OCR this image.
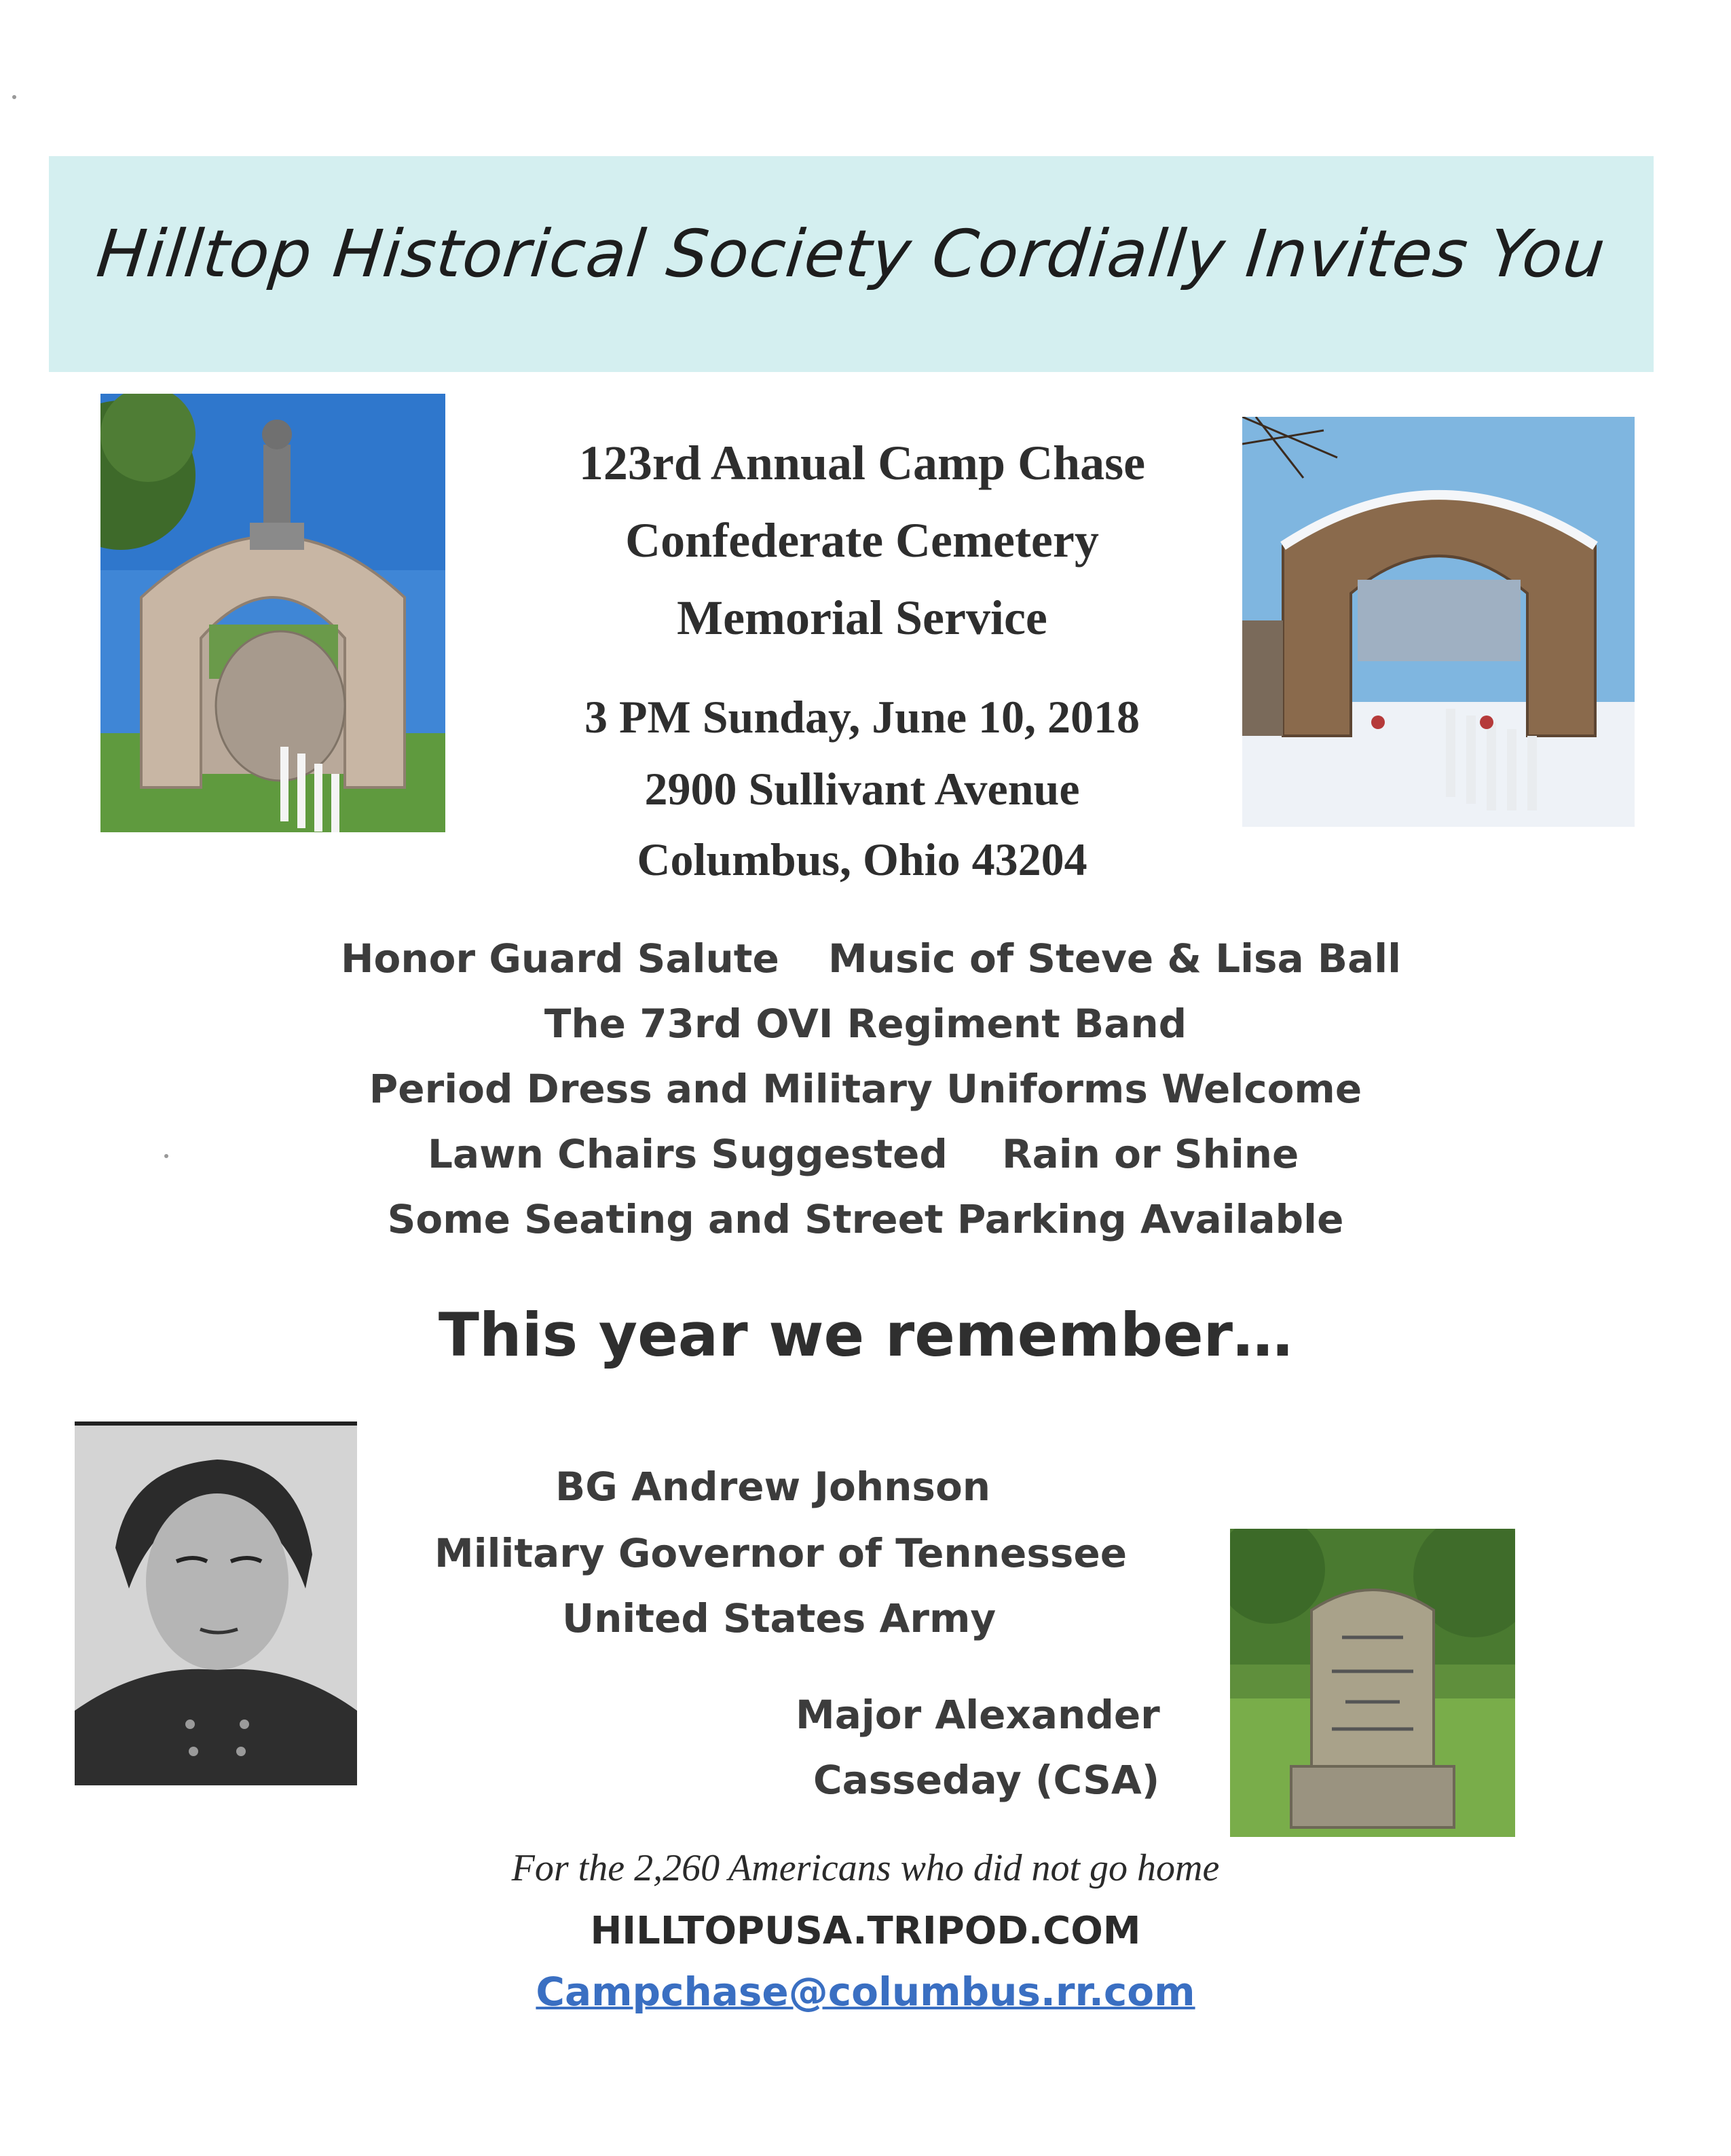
Hilltop Historical Society Cordially Invites You
123rd Annual Camp Chase
Confederate Cemetery
Memorial Service
3 PM Sunday, June 10, 2018
2900 Sullivant Avenue
Columbus, Ohio 43204
Honor Guard Salute Music of Steve & Lisa Ball
The 73rd OVI Regiment Band
Period Dress and Military Uniforms Welcome
Lawn Chairs Suggested Rain or Shine
Some Seating and Street Parking Available
This year we remember…
BG Andrew Johnson
Military Governor of Tennessee
United States Army
Major Alexander
Casseday (CSA)
For the 2,260 Americans who did not go home
HILLTOPUSA.TRIPOD.COM
Campchase@columbus.rr.com
